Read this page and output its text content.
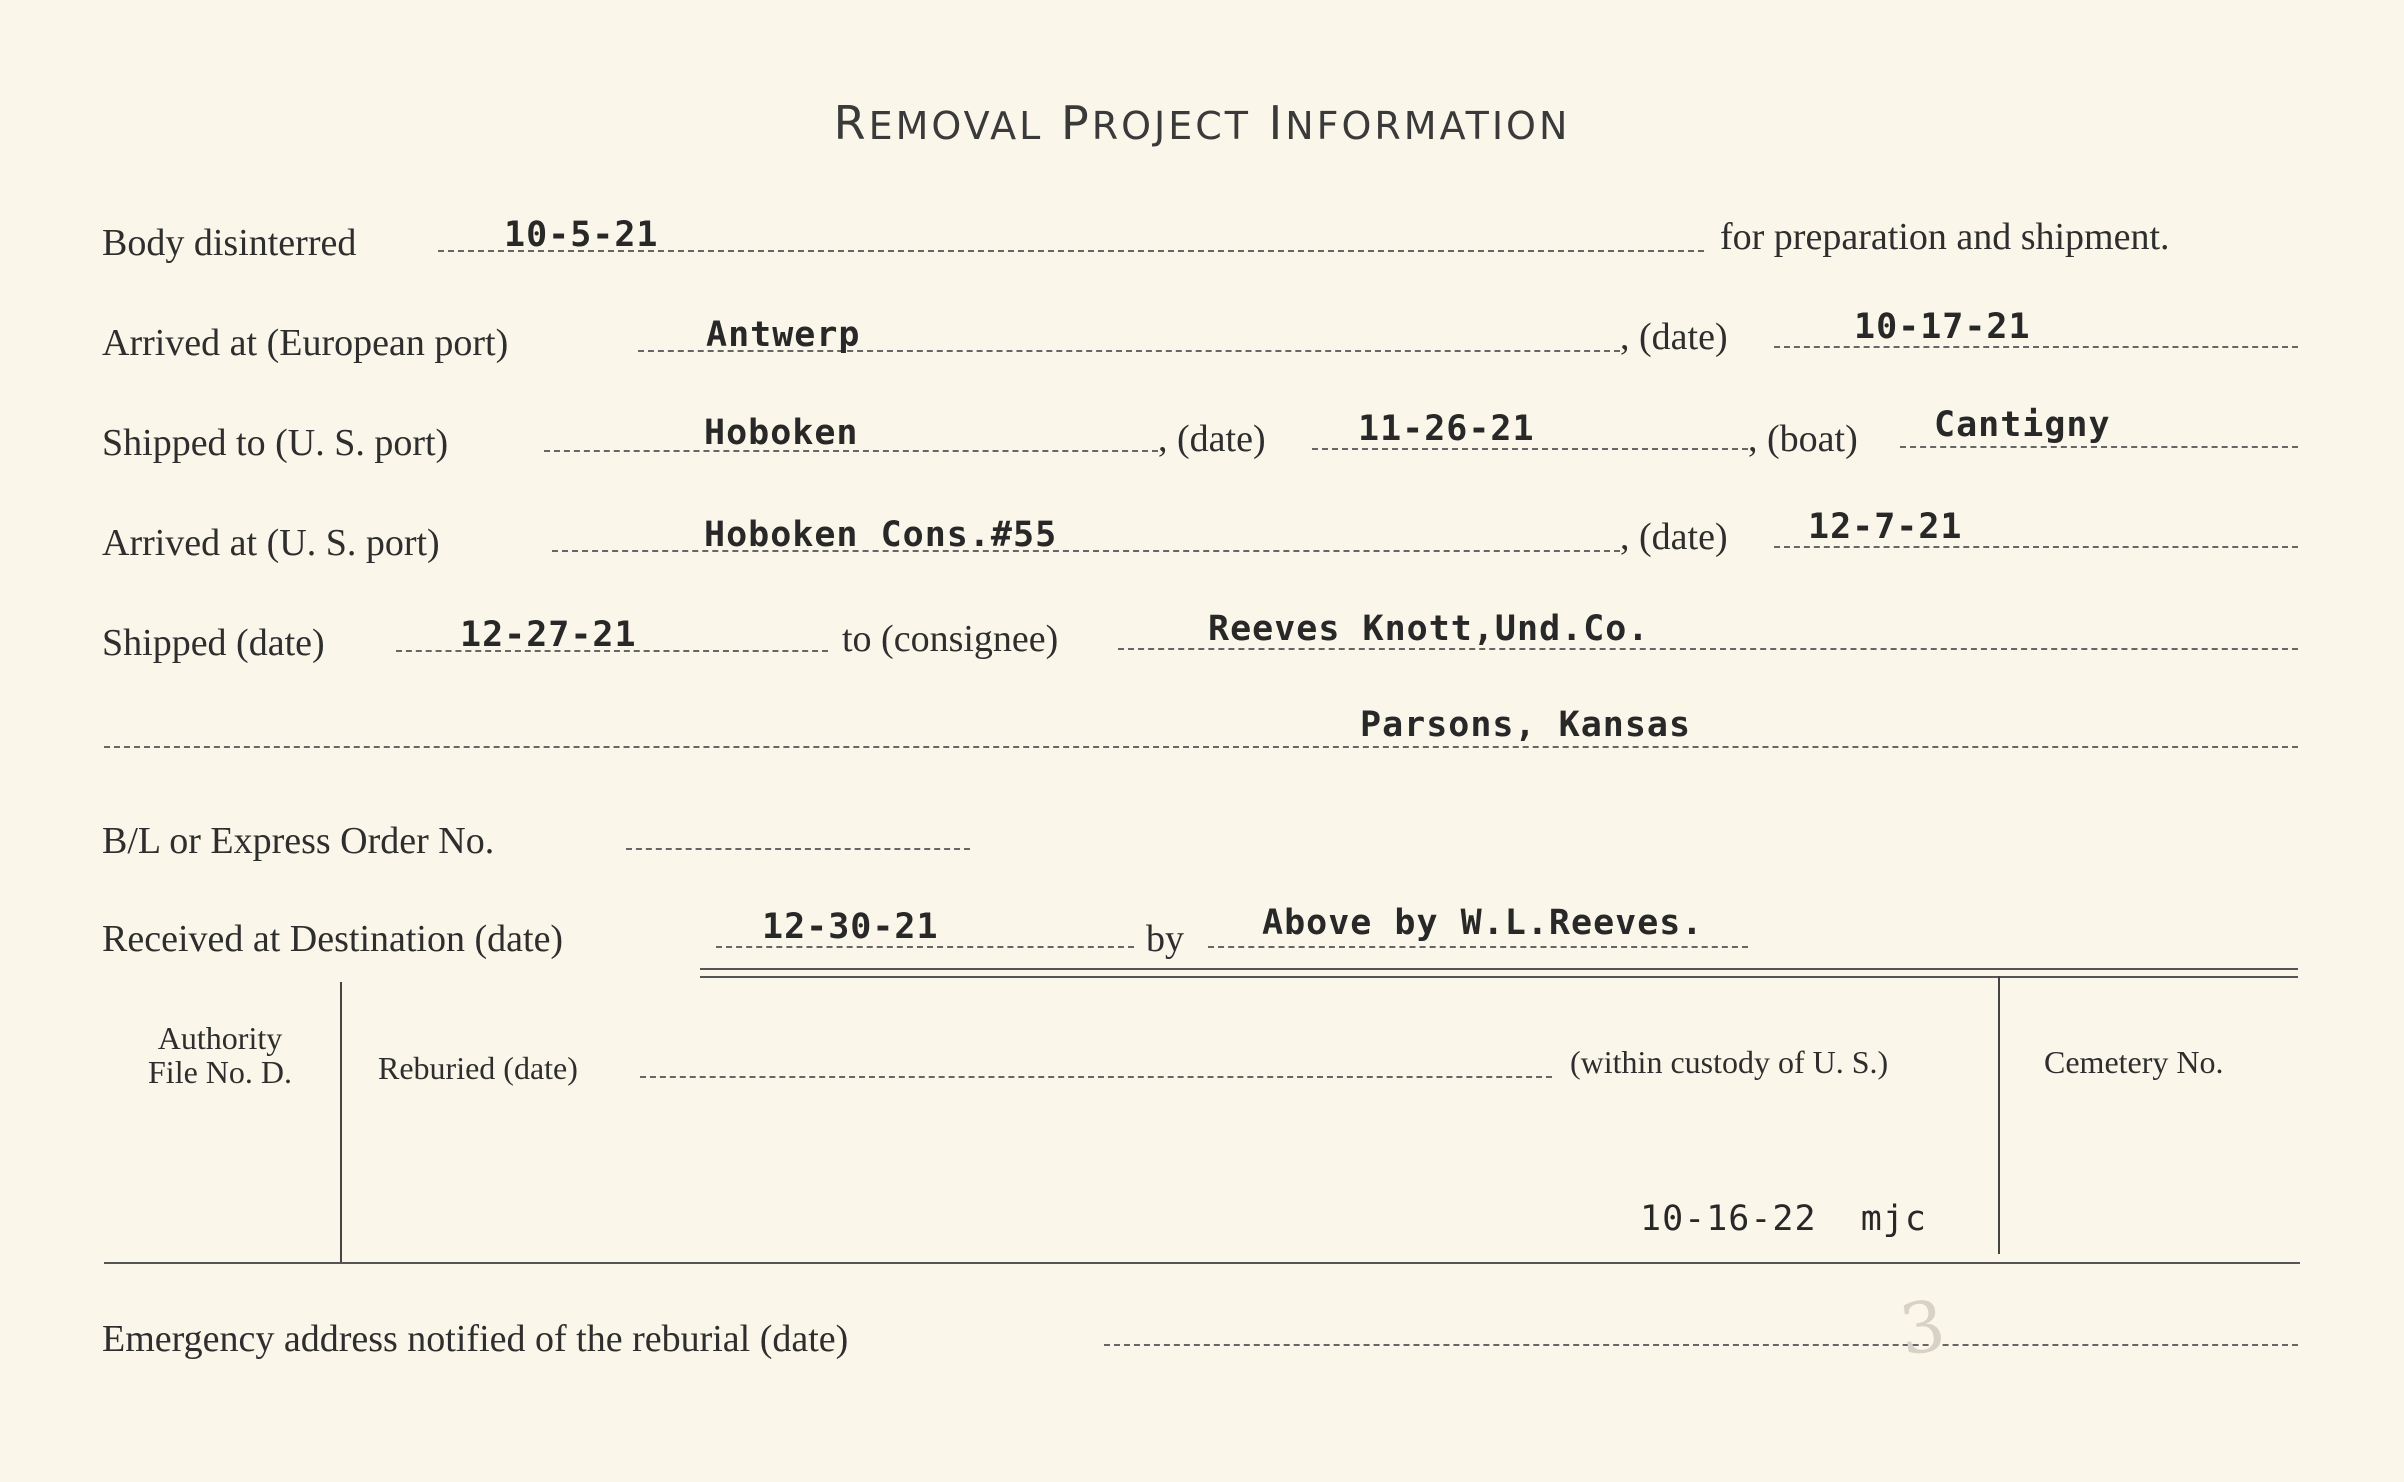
REMOVAL PROJECT INFORMATION
Body disinterred	10-5-21	for preparation and shipment.
Arrived at (European port)	Antwerp	, (date)	10-17-21
Shipped to (U. S. port)	Hoboken	, (date)	11-26-21	, (boat) Cantigny
Arrived at (U. S. port)	Hoboken Cons.#55	, (date) 12-7-21
Shipped (date)	12-27-21	to (consignee)	Reeves Knott,Und.Co.
Parsons, Kansas
B/L or Express Order No.
Received at Destination (date)	12-30-21	by Above by W.L.Reeves.
Authority
File No. D.	Reburied (date)	(within custody of U. S.)	Cemetery No.
10-16-22  mjc
Emergency address notified of the reburial (date)	3
